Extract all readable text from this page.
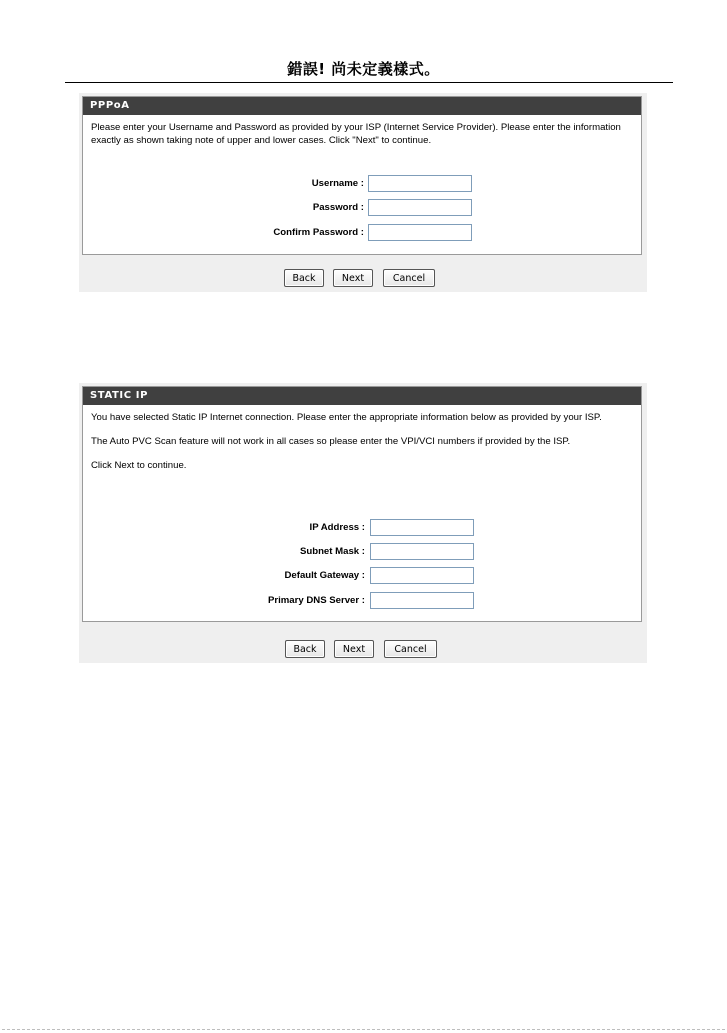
錯誤! 尚未定義樣式。
PPPoA

Please enter your Username and Password as provided by your ISP (Internet Service Provider). Please enter the information exactly as shown taking note of upper and lower cases. Click "Next" to continue.

Username :
Password :
Confirm Password :
Back	Next	Cancel
STATIC IP

You have selected Static IP Internet connection. Please enter the appropriate information below as provided by your ISP.

The Auto PVC Scan feature will not work in all cases so please enter the VPI/VCI numbers if provided by the ISP.

Click Next to continue.

IP Address :
Subnet Mask :
Default Gateway :
Primary DNS Server :
Back	Next	Cancel
